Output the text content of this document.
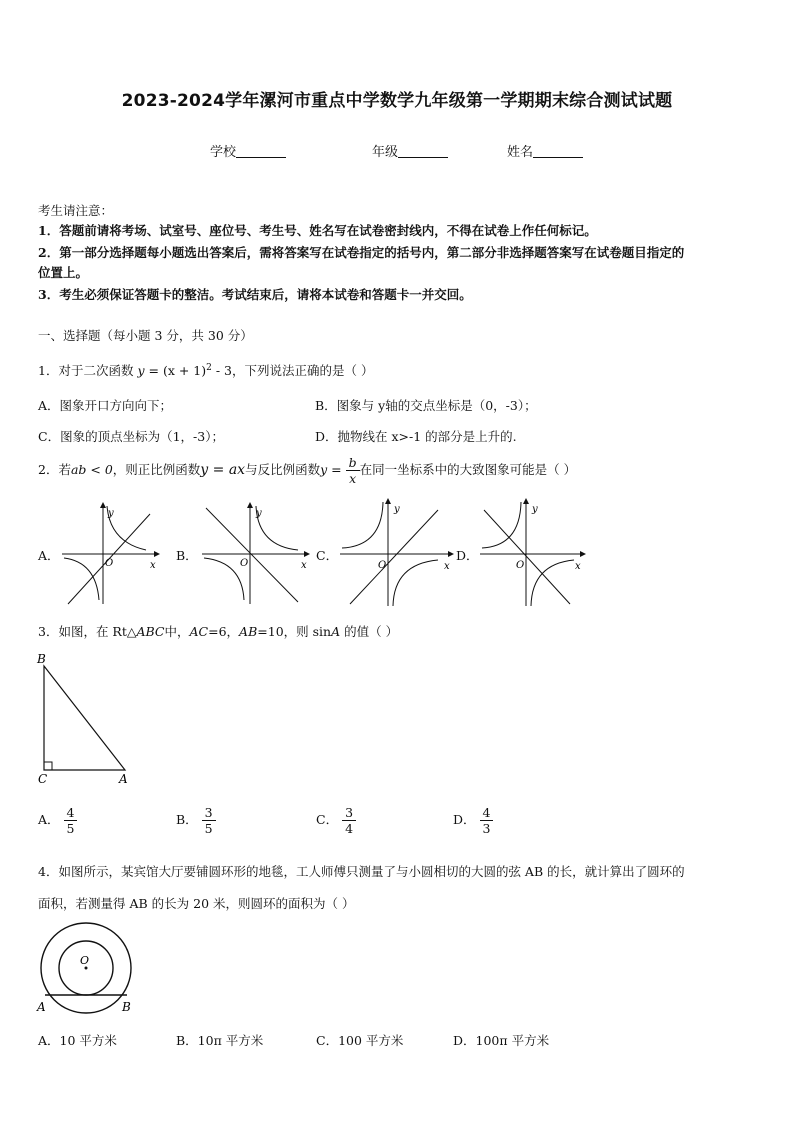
2023-2024学年漯河市重点中学数学九年级第一学期期末综合测试试题
学校	年级	姓名
考生请注意：
1．答题前请将考场、试室号、座位号、考生号、姓名写在试卷密封线内，不得在试卷上作任何标记。
2．第一部分选择题每小题选出答案后，需将答案写在试卷指定的括号内，第二部分非选择题答案写在试卷题目指定的
位置上。
3．考生必须保证答题卡的整洁。考试结束后，请将本试卷和答题卡一并交回。
一、选择题（每小题 3 分，共 30 分）
1．对于二次函数 $y = (x + 1)^2 - 3$，下列说法正确的是（ ）
A．图象开口方向向下；	B．图象与 y轴的交点坐标是（0，-3）；
C．图象的顶点坐标为（1，-3）；	D．抛物线在 x>-1 的部分是上升的.
2．若ab < 0，则正比例函数y = ax与反比例函数$y = \frac{b}{x}$ 在同一坐标系中的大致图象可能是（ ）
A．	B．	C．	D．
y
x
O
y
x
O
y
x
O
y
x
O
3．如图，在 Rt△ABC中，AC=6，AB=10，则 sinA 的值（ ）
B
C	A
A． $\frac{4}{5}$	B． $\frac{3}{5}$	C． $\frac{3}{4}$	D． $\frac{4}{3}$
4．如图所示，某宾馆大厅要铺圆环形的地毯，工人师傅只测量了与小圆相切的大圆的弦 AB 的长，就计算出了圆环的
面积，若测量得 AB 的长为 20 米，则圆环的面积为（ ）
O
A	B
A．10 平方米	B．10π 平方米	C．100 平方米	D．100π 平方米
